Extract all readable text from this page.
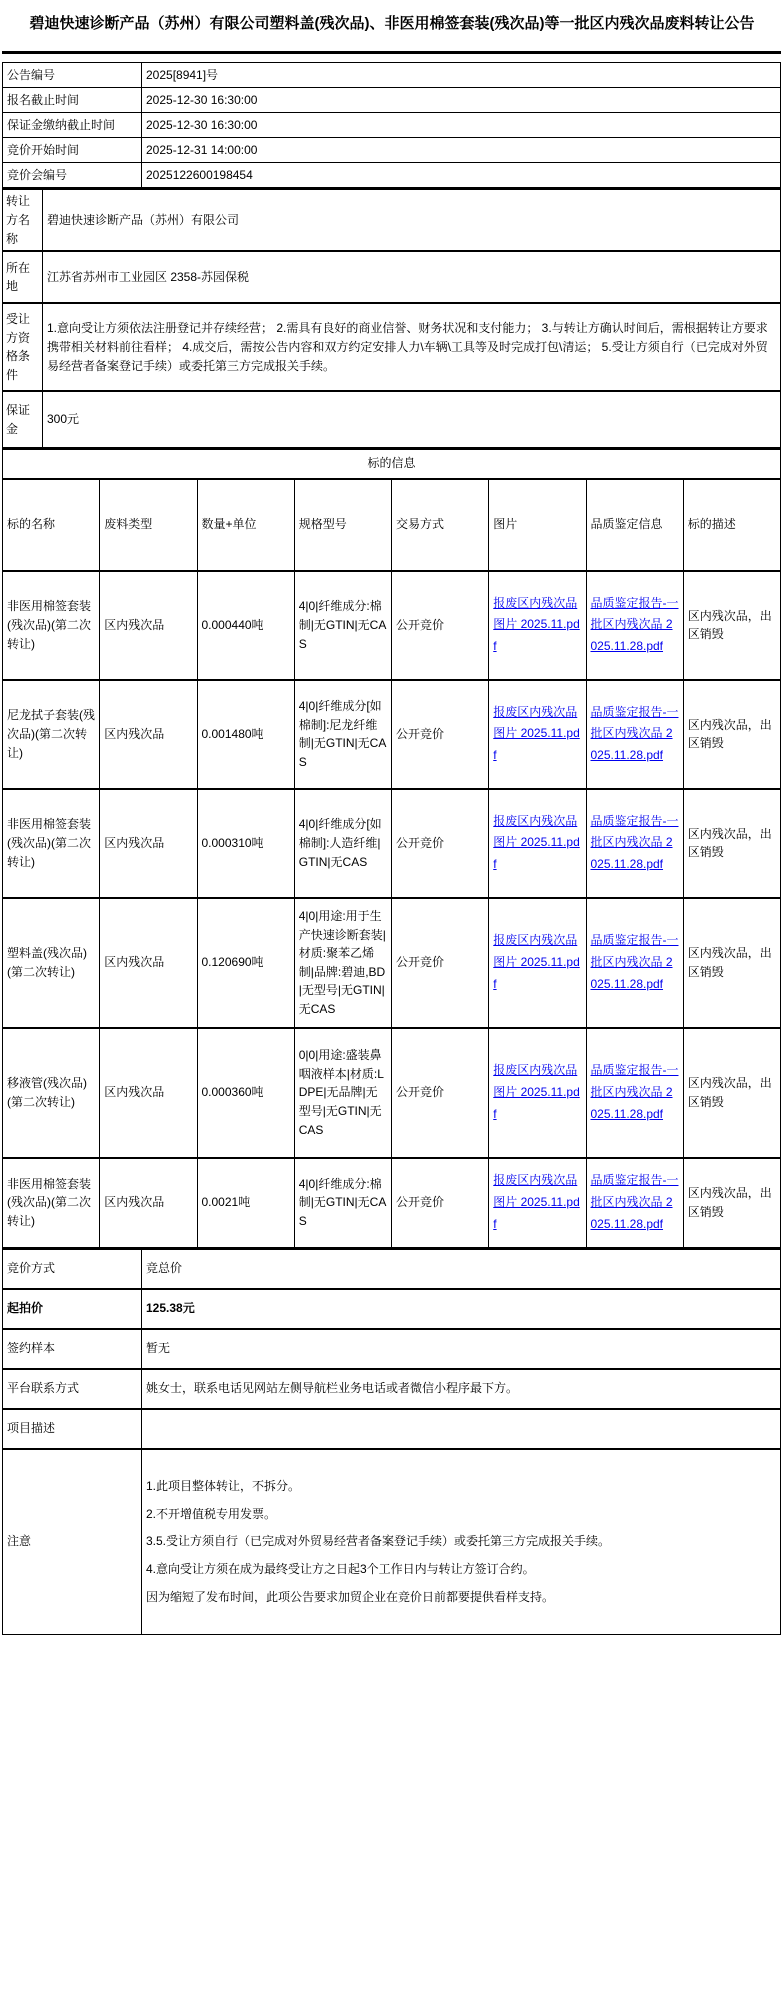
碧迪快速诊断产品（苏州）有限公司塑料盖(残次品)、非医用棉签套装(残次品)等一批区内残次品废料转让公告
公告编号	2025[8941]号
报名截止时间	2025-12-30 16:30:00
保证金缴纳截止时间	2025-12-30 16:30:00
竞价开始时间	2025-12-31 14:00:00
竞价会编号	2025122600198454
转让方名称	碧迪快速诊断产品（苏州）有限公司
所在地	江苏省苏州市工业园区 2358-苏园保税
受让方资格条件	1.意向受让方须依法注册登记并存续经营； 2.需具有良好的商业信誉、财务状况和支付能力； 3.与转让方确认时间后，需根据转让方要求携带相关材料前往看样； 4.成交后，需按公告内容和双方约定安排人力\车辆\工具等及时完成打包\清运； 5.受让方须自行（已完成对外贸易经营者备案登记手续）或委托第三方完成报关手续。
保证金	300元
标的信息							
标的名称	废料类型	数量+单位	规格型号	交易方式	图片	品质鉴定信息	标的描述
非医用棉签套装(残次品)(第二次转让)	区内残次品	0.000440吨	4|0|纤维成分:棉制|无GTIN|无CAS	公开竞价	报废区内残次品图片 2025.11.pdf	品质鉴定报告-一批区内残次品 2025.11.28.pdf	区内残次品，出区销毁
尼龙拭子套装(残次品)(第二次转让)	区内残次品	0.001480吨	4|0|纤维成分[如棉制]:尼龙纤维制|无GTIN|无CAS	公开竞价	报废区内残次品图片 2025.11.pdf	品质鉴定报告-一批区内残次品 2025.11.28.pdf	区内残次品，出区销毁
非医用棉签套装(残次品)(第二次转让)	区内残次品	0.000310吨	4|0|纤维成分[如棉制]:人造纤维|GTIN|无CAS	公开竞价	报废区内残次品图片 2025.11.pdf	品质鉴定报告-一批区内残次品 2025.11.28.pdf	区内残次品，出区销毁
塑料盖(残次品)(第二次转让)	区内残次品	0.120690吨	4|0|用途:用于生产快速诊断套装|材质:聚苯乙烯制|品牌:碧迪,BD|无型号|无GTIN|无CAS	公开竞价	报废区内残次品图片 2025.11.pdf	品质鉴定报告-一批区内残次品 2025.11.28.pdf	区内残次品，出区销毁
移液管(残次品)(第二次转让)	区内残次品	0.000360吨	0|0|用途:盛装鼻咽液样本|材质:LDPE|无品牌|无型号|无GTIN|无CAS	公开竞价	报废区内残次品图片 2025.11.pdf	品质鉴定报告-一批区内残次品 2025.11.28.pdf	区内残次品，出区销毁
非医用棉签套装(残次品)(第二次转让)	区内残次品	0.0021吨	4|0|纤维成分:棉制|无GTIN|无CAS	公开竞价	报废区内残次品图片 2025.11.pdf	品质鉴定报告-一批区内残次品 2025.11.28.pdf	区内残次品，出区销毁
竞价方式	竞总价
起拍价	125.38元
签约样本	暂无
平台联系方式	姚女士，联系电话见网站左侧导航栏业务电话或者微信小程序最下方。
项目描述	
注意	1.此项目整体转让，不拆分。

2.不开增值税专用发票。

3.5.受让方须自行（已完成对外贸易经营者备案登记手续）或委托第三方完成报关手续。

4.意向受让方须在成为最终受让方之日起3个工作日内与转让方签订合约。

因为缩短了发布时间，此项公告要求加贸企业在竞价日前都要提供看样支持。
